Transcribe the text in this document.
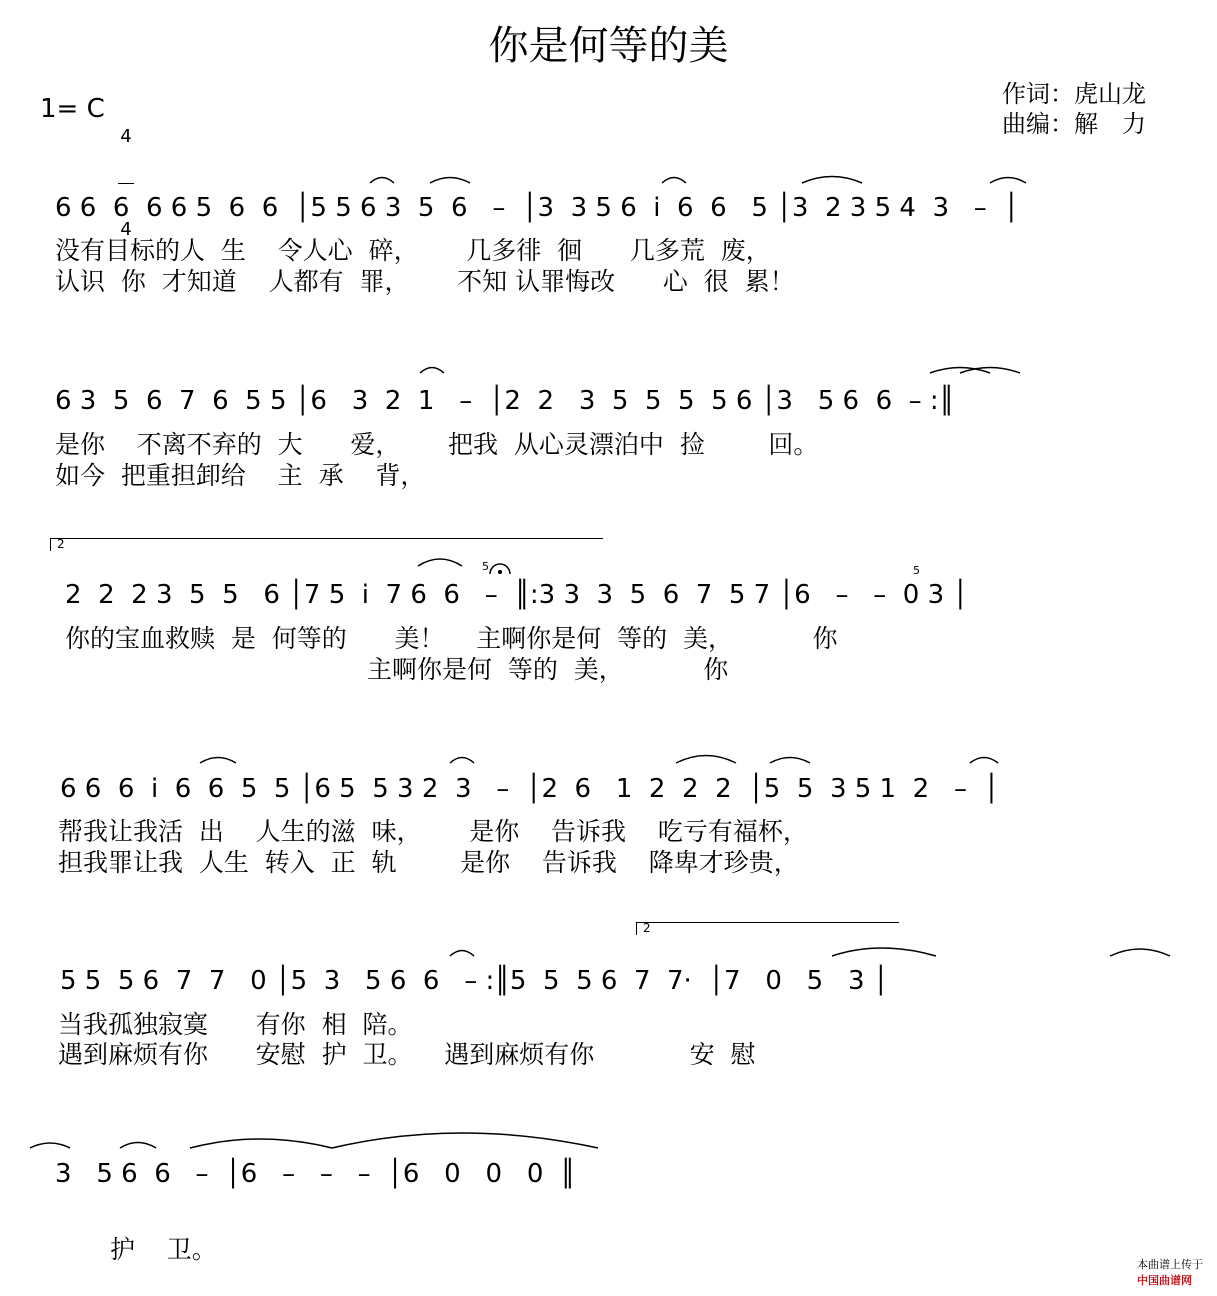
你是何等的美
1= C

4

4

作词：虎山龙
曲编：解　力
6 6  6  6 6 5  6  6  │5 5 6 3  5  6   –  │3  3 5 6  i  6  6   5 │3  2 3 5 4  3   –  │
没有目标的人  生    令人心  碎，      几多徘  徊      几多荒  废，
认识  你  才知道    人都有  罪，      不知 认罪悔改      心  很  累！
6 3  5  6  7  6  5 5 │6   3  2  1   –  │2  2   3  5  5  5  5 6 │3   5 6  6  – :║
是你    不离不弃的  大      爱，      把我  从心灵漂泊中  捡        回。
如今  把重担卸给    主  承    背，
2
2  2  2 3  5  5   6 │7 5  i  7 6  6   –  ║:3 3  3  5  6  7  5 7 │6   –   –  0 3 │
你的宝血救赎  是  何等的      美！    主啊你是何  等的  美，          你
主啊你是何  等的  美，          你
5	5
6 6  6  i  6  6  5  5 │6 5  5 3 2  3   –  │2  6   1  2  2  2  │5  5  3 5 1  2   –  │
帮我让我活  出    人生的滋  味，      是你    告诉我    吃亏有福杯，
担我罪让我  人生  转入  正  轨        是你    告诉我    降卑才珍贵，
2
5 5  5 6  7  7   0 │5  3   5 6  6   – :║5  5  5 6  7  7·  │7   0   5   3 │
当我孤独寂寞      有你  相  陪。
遇到麻烦有你      安慰  护  卫。    遇到麻烦有你            安  慰
3   5 6  6   –  │6   –   –   –  │6   0   0   0  ║
护    卫。

本曲谱上传于
中国曲谱网
